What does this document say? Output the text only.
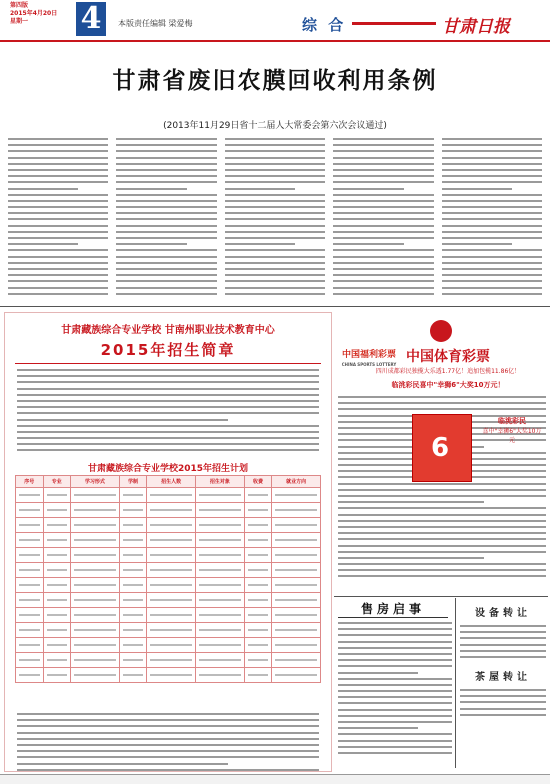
第四版
2015年4月20日
星期一	4	本版责任编辑 梁爱梅	综 合	甘肃日报
甘肃省废旧农膜回收利用条例
(2013年11月29日省十二届人大常委会第六次会议通过)
甘肃藏族综合专业学校 甘南州职业技术教育中心
2015年招生简章
甘肃藏族综合专业学校2015年招生计划
序号	专业	学习形式	学制	招生人数	招生对象	收费	就业方向

中国体育彩票
四川成都彩民独揽大乐透1.77亿！追加包揽11.86亿！
临洮彩民喜中"幸狮6"大奖10万元！
中国福利彩票
CHINA SPORTS LOTTERY
6
临洮彩民
喜中"幸狮6"大奖10万元
售房启事	设备转让
茶屋转让
